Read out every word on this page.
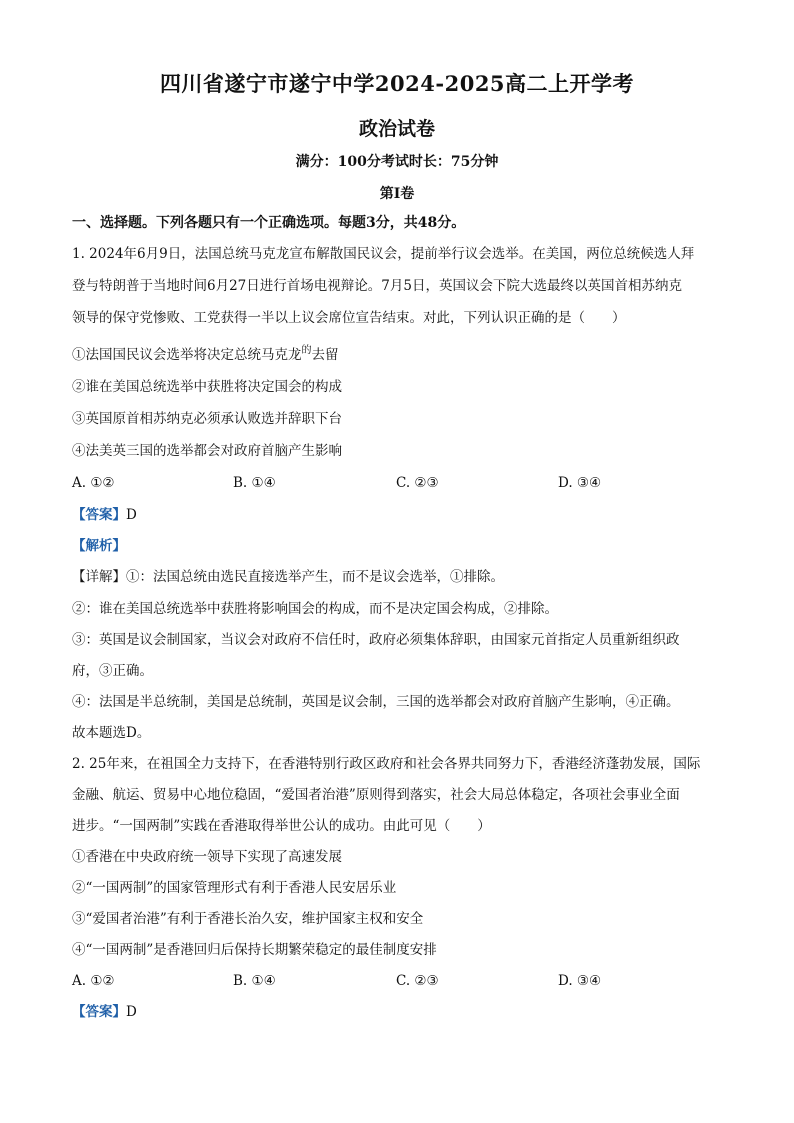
四川省遂宁市遂宁中学2024-2025高二上开学考
政治试卷
满分：100分考试时长：75分钟
第Ⅰ卷
一、选择题。下列各题只有一个正确选项。每题3分，共48分。
1. 2024年6月9日，法国总统马克龙宣布解散国民议会，提前举行议会选举。在美国，两位总统候选人拜
登与特朗普于当地时间6月27日进行首场电视辩论。7月5日，英国议会下院大选最终以英国首相苏纳克
领导的保守党惨败、工党获得一半以上议会席位宣告结束。对此，下列认识正确的是（　　）
①法国国民议会选举将决定总统马克龙$^的$去留
②谁在美国总统选举中获胜将决定国会的构成
③英国原首相苏纳克必须承认败选并辞职下台
④法美英三国的选举都会对政府首脑产生影响
A. ①②	B. ①④	C. ②③	D. ③④
【答案】D
【解析】
【详解】①：法国总统由选民直接选举产生，而不是议会选举，①排除。
②：谁在美国总统选举中获胜将影响国会的构成，而不是决定国会构成，②排除。
③：英国是议会制国家，当议会对政府不信任时，政府必须集体辞职，由国家元首指定人员重新组织政
府，③正确。
④：法国是半总统制，美国是总统制，英国是议会制，三国的选举都会对政府首脑产生影响，④正确。
故本题选D。
2. 25年来，在祖国全力支持下，在香港特别行政区政府和社会各界共同努力下，香港经济蓬勃发展，国际
金融、航运、贸易中心地位稳固，“爱国者治港”原则得到落实，社会大局总体稳定，各项社会事业全面
进步。“一国两制”实践在香港取得举世公认的成功。由此可见（　　）
①香港在中央政府统一领导下实现了高速发展
②“一国两制”的国家管理形式有利于香港人民安居乐业
③“爱国者治港”有利于香港长治久安，维护国家主权和安全
④“一国两制”是香港回归后保持长期繁荣稳定的最佳制度安排
A. ①②	B. ①④	C. ②③	D. ③④
【答案】D
